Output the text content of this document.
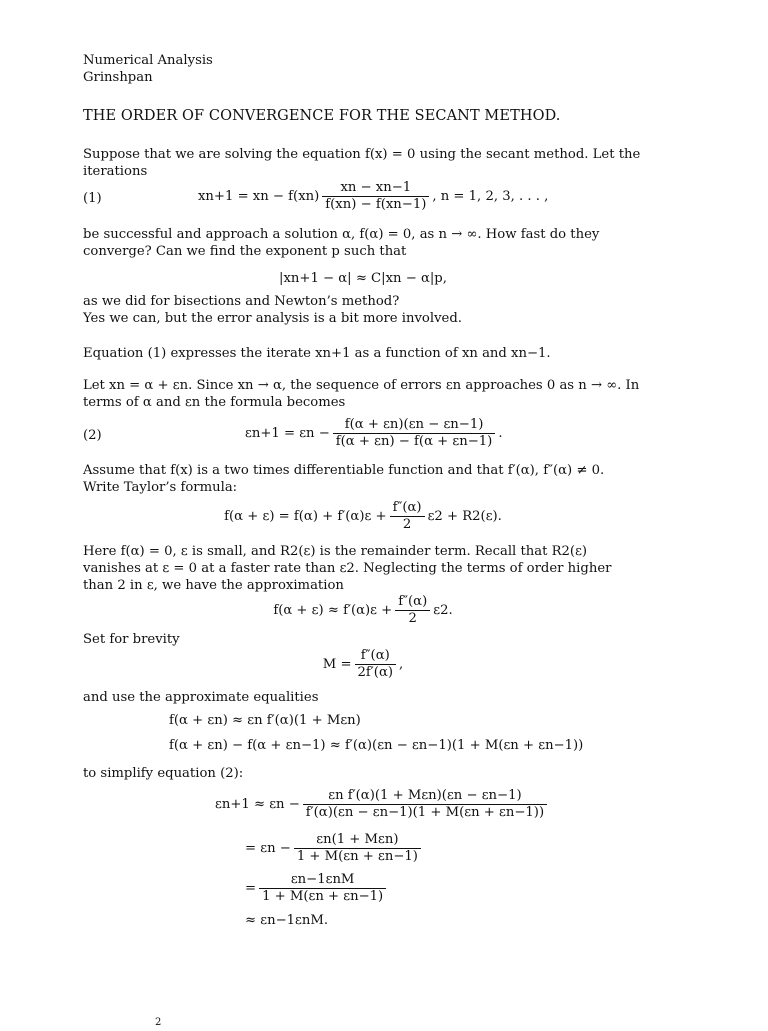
Numerical Analysis

Grinshpan

THE ORDER OF CONVERGENCE FOR THE SECANT METHOD.
Suppose that we are solving the equation f(x) = 0 using the secant method. Let the iterations
(1)	xn+1 = xn − $f(xn) \frac{xn - xn-1}{f(xn) - f(xn-1)}$ , n = 1, 2, 3, . . . ,
be successful and approach a solution α, f(α) = 0, as n → ∞. How fast do they converge? Can we find the exponent p such that
|xn+1 − α| ≈ C|xn − α|p,

as we did for bisections and Newton’s method?

Yes we can, but the error analysis is a bit more involved.

Equation (1) expresses the iterate xn+1 as a function of xn and xn−1.
Let xn = α + εn. Since xn → α, the sequence of errors εn approaches 0 as n → ∞. In terms of α and εn the formula becomes
(2)	$\varepsilon n+1 = \varepsilon n - \frac{f(\alpha + \varepsilon n)(\varepsilon n - \varepsilon n-1)}{f(\alpha + \varepsilon n) - f(\alpha + \varepsilon n-1)}$ .
Assume that f(x) is a two times differentiable function and that f′(α), f″(α) ≠ 0. Write Taylor’s formula:
$f(\alpha + \varepsilon) = f(\alpha) + f'(\alpha)\varepsilon + \frac{f''(\alpha)}{2} \varepsilon 2 + R2(\varepsilon)$.
Here f(α) = 0, ε is small, and R2(ε) is the remainder term. Recall that R2(ε) vanishes at ε = 0 at a faster rate than ε2. Neglecting the terms of order higher than 2 in ε, we have the approximation
$f(\alpha + \varepsilon) \approx f'(\alpha)\varepsilon + \frac{f''(\alpha)}{2} \varepsilon 2$.
Set for brevity
$M = \frac{f''(\alpha)}{2f'(\alpha)}$ ,
and use the approximate equalities
f(α + εn) ≈ εn f′(α)(1 + Mεn)
f(α + εn) − f(α + εn−1) ≈ f′(α)(εn − εn−1)(1 + M(εn + εn−1))
to simplify equation (2):
$\varepsilon n+1 \approx \varepsilon n - \frac{\text{εn f′(α)(1 + Mεn)(εn − εn−1)}}{f'(\alpha)(\varepsilon n - \varepsilon n-1)(1 + M(\varepsilon n + \varepsilon n-1))}$
= $\varepsilon n - \frac{\text{εn(1 + Mεn)}}{1 + M(\varepsilon n + \varepsilon n-1)}$
= $\frac{\text{εn−1εnM}}{1 + M(\varepsilon n + \varepsilon n-1)}$
≈ εn−1εnM.
2
